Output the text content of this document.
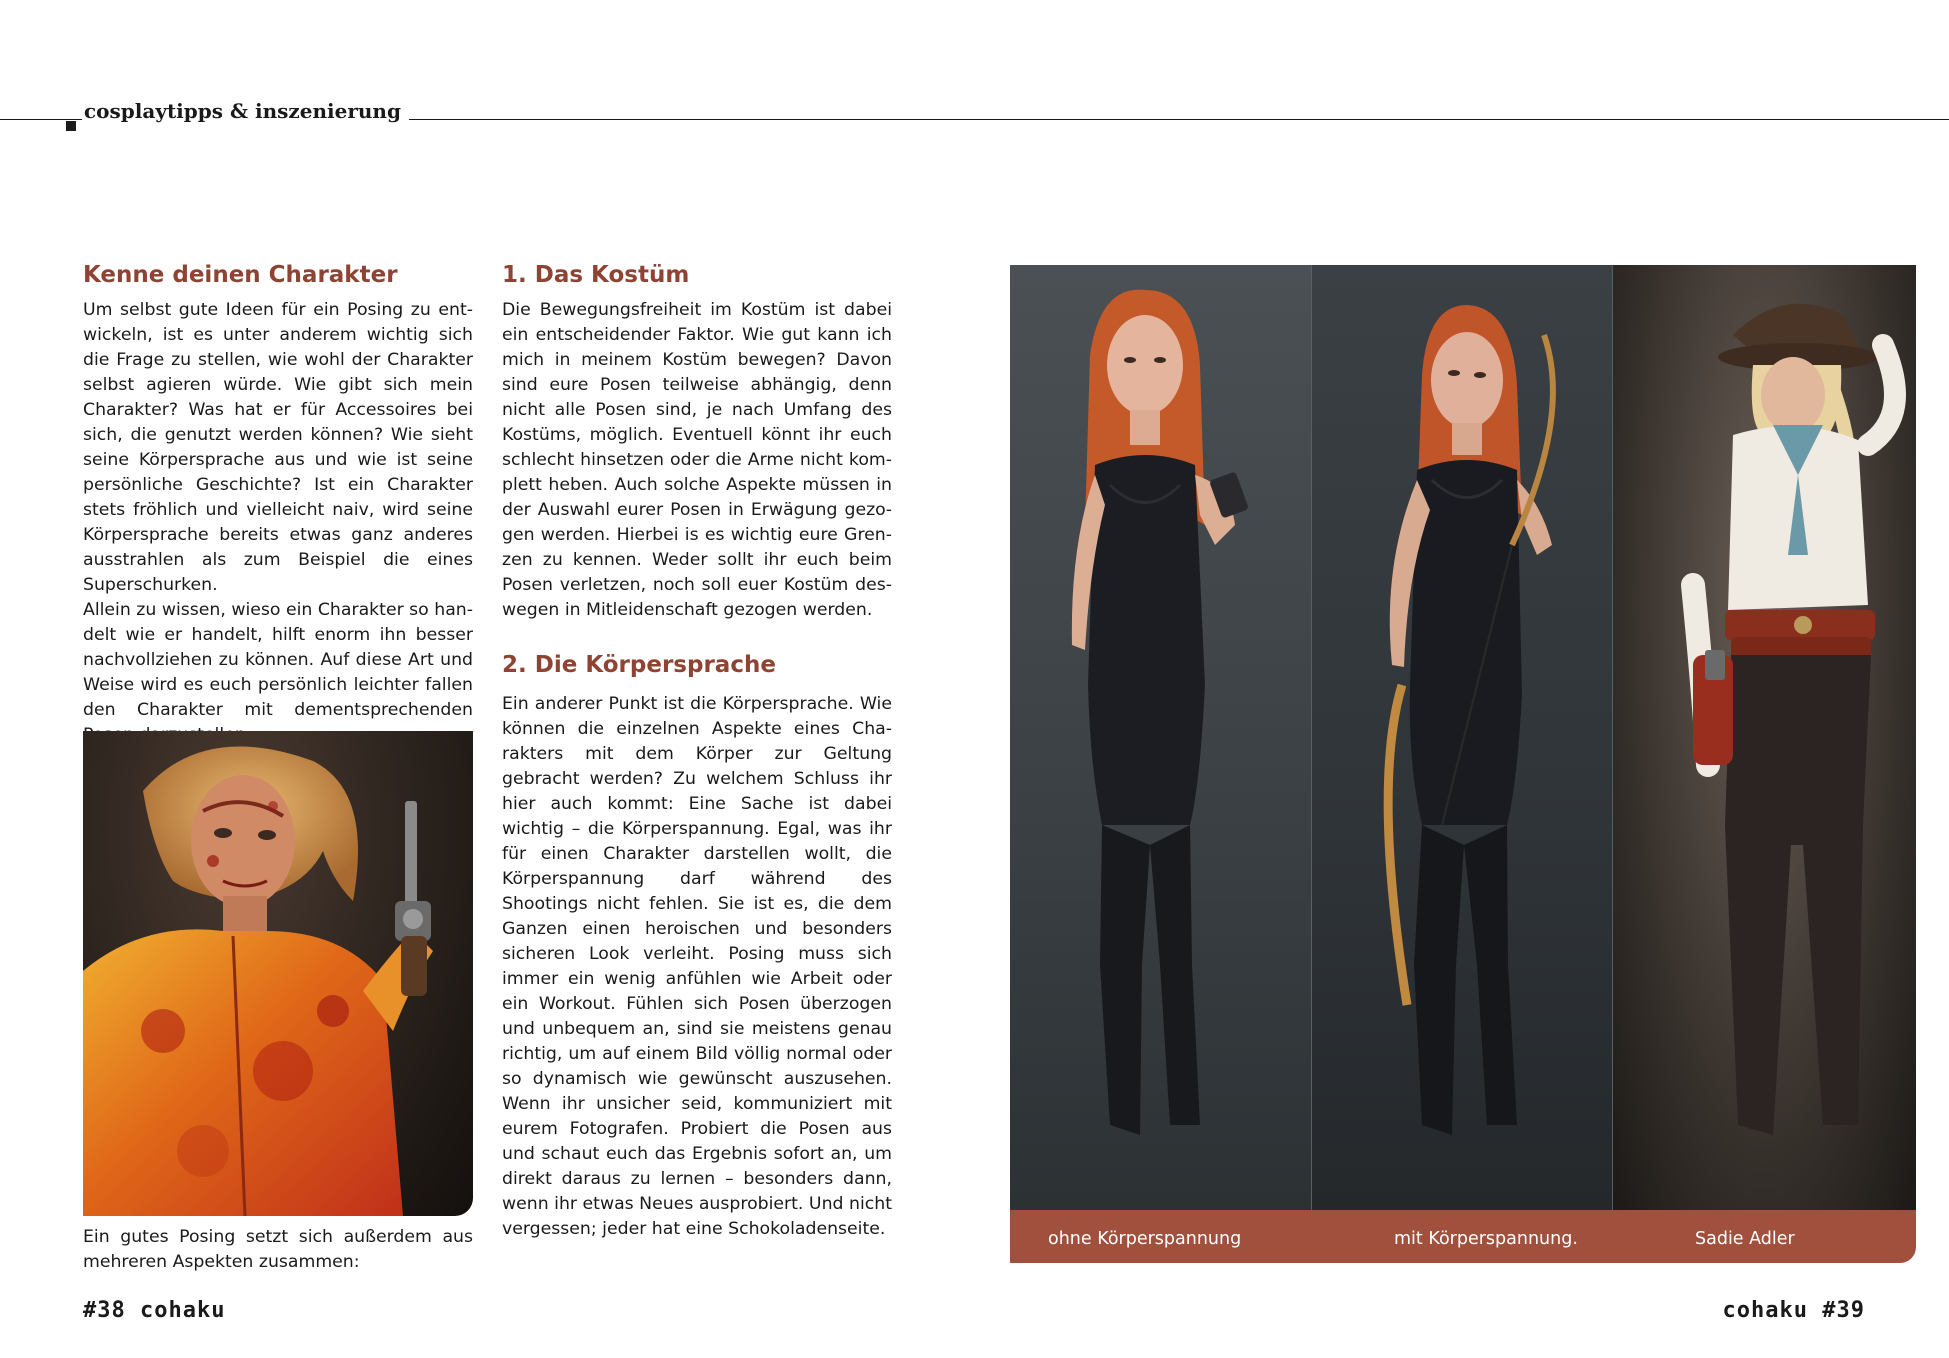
cosplaytipps & inszenierung
Kenne deinen Charakter

Um selbst gute Ideen für ein Posing zu entwickeln, ist es unter anderem wichtig sich die Frage zu stellen, wie wohl der Charakter selbst agieren würde. Wie gibt sich mein Charakter? Was hat er für Accessoires bei sich, die genutzt werden können? Wie sieht seine Körpersprache aus und wie ist seine persönliche Geschichte? Ist ein Charakter stets fröhlich und vielleicht naiv, wird seine Körpersprache bereits etwas ganz anderes ausstrahlen als zum Beispiel die eines Superschurken.

Allein zu wissen, wieso ein Charakter so handelt wie er handelt, hilft enorm ihn besser nachvollziehen zu können. Auf diese Art und Weise wird es euch persönlich leichter fallen den Charakter mit dementsprechenden

Ein gutes Posing setzt sich außerdem aus mehreren Aspekten zusammen:

1. Das Kostüm

Die Bewegungsfreiheit im Kostüm ist dabei ein entscheidender Faktor. Wie gut kann ich mich in meinem Kostüm bewegen? Davon sind eure Posen teilweise abhängig, denn nicht alle Posen sind, je nach Umfang des Kostüms, möglich. Eventuell könnt ihr euch schlecht hinsetzen oder die Arme nicht komplett heben. Auch solche Aspekte müssen in der Auswahl eurer Posen in Erwägung gezogen werden. Hierbei is es wichtig eure Grenzen zu kennen. Weder sollt ihr euch beim Posen verletzen, noch soll euer Kostüm deswegen in Mitleidenschaft gezogen werden.

2. Die Körpersprache

Ein anderer Punkt ist die Körpersprache. Wie können die einzelnen Aspekte eines Charakters mit dem Körper zur Geltung gebracht werden? Zu welchem Schluss ihr hier auch kommt: Eine Sache ist dabei wichtig – die Körperspannung. Egal, was ihr für einen Charakter darstellen wollt, die Körperspannung darf während des Shootings nicht fehlen. Sie ist es, die dem Ganzen einen heroischen und besonders sicheren Look verleiht. Posing muss sich immer ein wenig anfühlen wie Arbeit oder ein Workout. Fühlen sich Posen überzogen und unbequem an, sind sie meistens genau richtig, um auf einem Bild völlig normal oder so dynamisch wie gewünscht auszusehen. Wenn ihr unsicher seid, kommuniziert mit eurem Fotografen. Probiert die Posen aus und schaut euch das Ergebnis sofort an, um direkt daraus zu lernen – besonders dann, wenn ihr etwas Neues ausprobiert. Und nicht vergessen; jeder hat eine Schokoladenseite.	ohne Körperspannung	mit Körperspannung.	Sadie Adler
#38 cohaku	cohaku #39
